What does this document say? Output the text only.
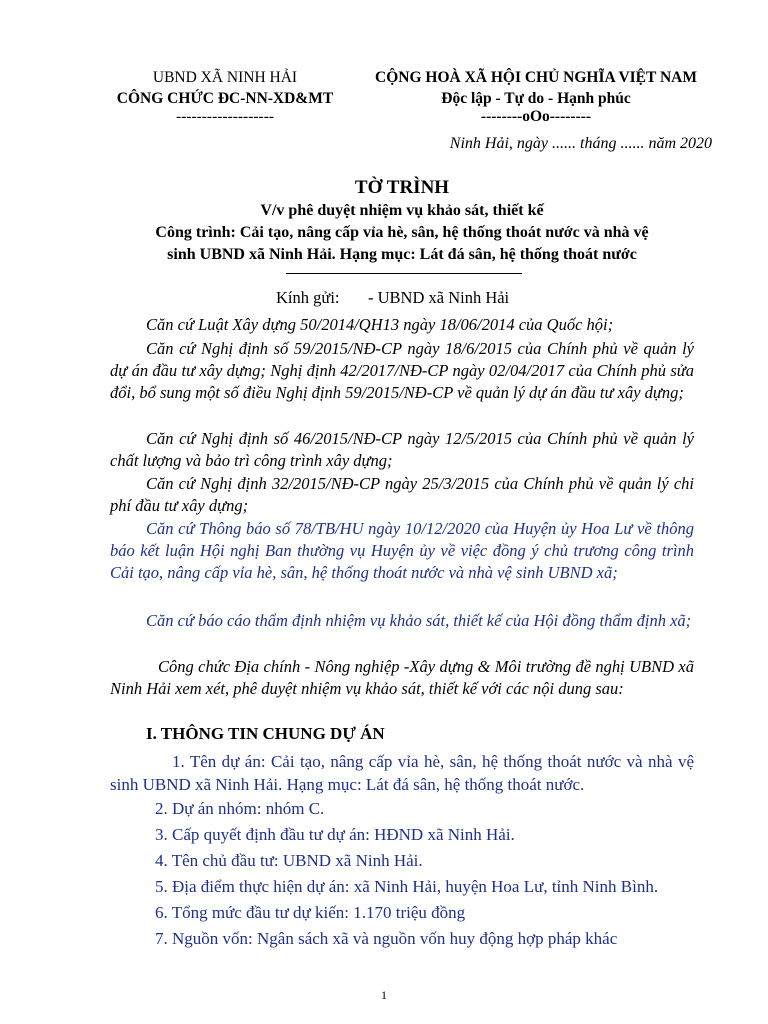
UBND XÃ NINH HẢI
CÔNG CHỨC ĐC-NN-XD&MT
-------------------
CỘNG HOÀ XÃ HỘI CHỦ NGHĨA VIỆT NAM
Độc lập - Tự do - Hạnh phúc
--------oOo--------
Ninh Hải, ngày ...... tháng ...... năm 2020
TỜ TRÌNH
V/v phê duyệt nhiệm vụ khảo sát, thiết kế
Công trình: Cải tạo, nâng cấp vỉa hè, sân, hệ thống thoát nước và nhà vệ
sinh UBND xã Ninh Hải. Hạng mục: Lát đá sân, hệ thống thoát nước
Kính gửi: - UBND xã Ninh Hải
Căn cứ Luật Xây dựng 50/2014/QH13 ngày 18/06/2014 của Quốc hội;
Căn cứ Nghị định số 59/2015/NĐ-CP ngày 18/6/2015 của Chính phủ về quản lý dự án đầu tư xây dựng; Nghị định 42/2017/NĐ-CP ngày 02/04/2017 của Chính phủ sửa đổi, bổ sung một số điều Nghị định 59/2015/NĐ-CP về quản lý dự án đầu tư xây dựng;
Căn cứ Nghị định số 46/2015/NĐ-CP ngày 12/5/2015 của Chính phủ về quản lý chất lượng và bảo trì công trình xây dựng;
Căn cứ Nghị định 32/2015/NĐ-CP ngày 25/3/2015 của Chính phủ về quản lý chi phí đầu tư xây dựng;
Căn cứ Thông báo số 78/TB/HU ngày 10/12/2020 của Huyện ủy Hoa Lư về thông báo kết luận Hội nghị Ban thường vụ Huyện ủy về việc đồng ý chủ trương công trình Cải tạo, nâng cấp vỉa hè, sân, hệ thống thoát nước và nhà vệ sinh UBND xã;
Căn cứ báo cáo thẩm định nhiệm vụ khảo sát, thiết kế của Hội đồng thẩm định xã;
Công chức Địa chính - Nông nghiệp -Xây dựng & Môi trường đề nghị UBND xã Ninh Hải xem xét, phê duyệt nhiệm vụ khảo sát, thiết kế với các nội dung sau:
I. THÔNG TIN CHUNG DỰ ÁN
1. Tên dự án: Cải tạo, nâng cấp vỉa hè, sân, hệ thống thoát nước và nhà vệ sinh UBND xã Ninh Hải. Hạng mục: Lát đá sân, hệ thống thoát nước.
2. Dự án nhóm: nhóm C.
3. Cấp quyết định đầu tư dự án: HĐND xã Ninh Hải.
4. Tên chủ đầu tư: UBND xã Ninh Hải.
5. Địa điểm thực hiện dự án: xã Ninh Hải, huyện Hoa Lư, tỉnh Ninh Bình.
6. Tổng mức đầu tư dự kiến: 1.170 triệu đồng
7. Nguồn vốn: Ngân sách xã và nguồn vốn huy động hợp pháp khác
1
